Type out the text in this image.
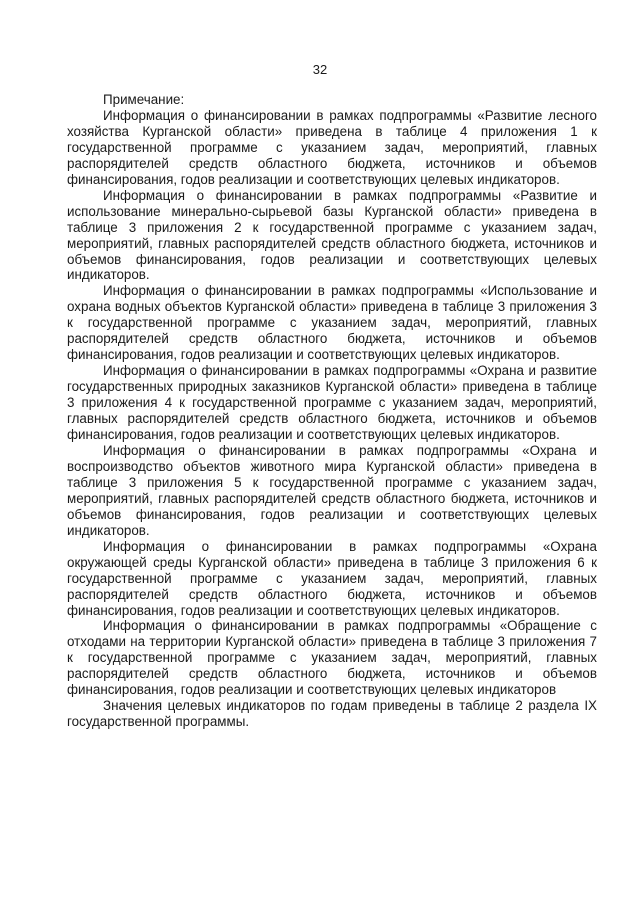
32

Примечание:

Информация о финансировании в рамках подпрограммы «Развитие лесного хозяйства Курганской области» приведена в таблице 4 приложения 1 к государственной программе с указанием задач, мероприятий, главных распорядителей средств областного бюджета, источников и объемов финансирования, годов реализации и соответствующих целевых индикаторов.

Информация о финансировании в рамках подпрограммы «Развитие и использование минерально-сырьевой базы Курганской области» приведена в таблице 3 приложения 2 к государственной программе с указанием задач, мероприятий, главных распорядителей средств областного бюджета, источников и объемов финансирования, годов реализации и соответствующих целевых индикаторов.

Информация о финансировании в рамках подпрограммы «Использование и охрана водных объектов Курганской области» приведена в таблице 3 приложения 3 к государственной программе с указанием задач, мероприятий, главных распорядителей средств областного бюджета, источников и объемов финансирования, годов реализации и соответствующих целевых индикаторов.

Информация о финансировании в рамках подпрограммы «Охрана и развитие государственных природных заказников Курганской области» приведена в таблице 3 приложения 4 к государственной программе с указанием задач, мероприятий, главных распорядителей средств областного бюджета, источников и объемов финансирования, годов реализации и соответствующих целевых индикаторов.

Информация о финансировании в рамках подпрограммы «Охрана и воспроизводство объектов животного мира Курганской области» приведена в таблице 3 приложения 5 к государственной программе с указанием задач, мероприятий, главных распорядителей средств областного бюджета, источников и объемов финансирования, годов реализации и соответствующих целевых индикаторов.

Информация о финансировании в рамках подпрограммы «Охрана окружающей среды Курганской области» приведена в таблице 3 приложения 6 к государственной программе с указанием задач, мероприятий, главных распорядителей средств областного бюджета, источников и объемов финансирования, годов реализации и соответствующих целевых индикаторов.

Информация о финансировании в рамках подпрограммы «Обращение с отходами на территории Курганской области» приведена в таблице 3 приложения 7 к государственной программе с указанием задач, мероприятий, главных распорядителей средств областного бюджета, источников и объемов финансирования, годов реализации и соответствующих целевых индикаторов

Значения целевых индикаторов по годам приведены в таблице 2 раздела IX государственной программы.
